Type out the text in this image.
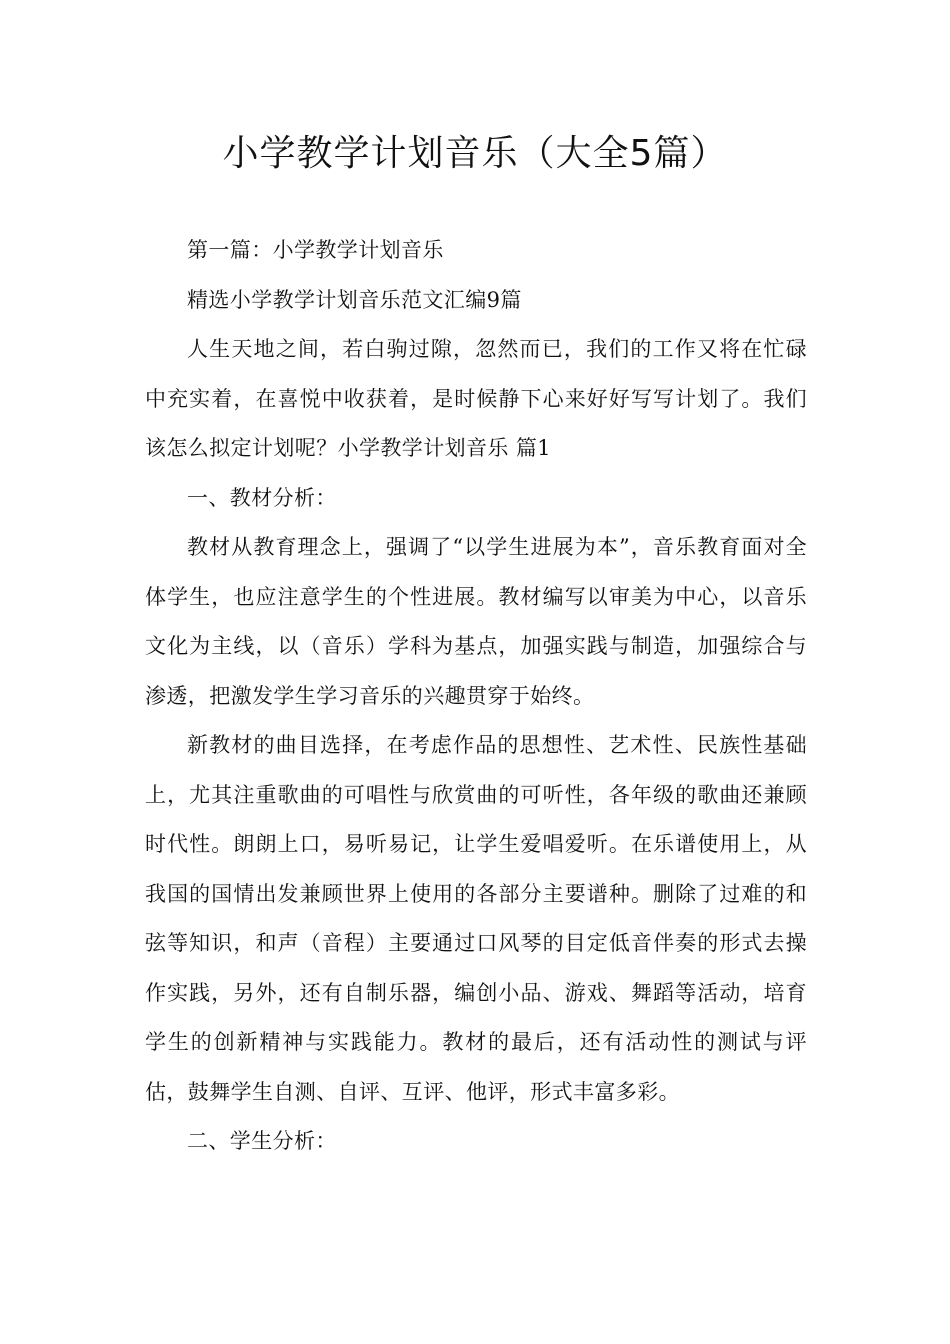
小学教学计划音乐（大全5篇）

第一篇：小学教学计划音乐

精选小学教学计划音乐范文汇编9篇

人生天地之间，若白驹过隙，忽然而已，我们的工作又将在忙碌中充实着，在喜悦中收获着，是时候静下心来好好写写计划了。我们该怎么拟定计划呢？小学教学计划音乐 篇1

一、教材分析：

教材从教育理念上，强调了“以学生进展为本”，音乐教育面对全体学生，也应注意学生的个性进展。教材编写以审美为中心，以音乐文化为主线，以（音乐）学科为基点，加强实践与制造，加强综合与渗透，把激发学生学习音乐的兴趣贯穿于始终。

新教材的曲目选择，在考虑作品的思想性、艺术性、民族性基础上，尤其注重歌曲的可唱性与欣赏曲的可听性，各年级的歌曲还兼顾时代性。朗朗上口，易听易记，让学生爱唱爱听。在乐谱使用上，从我国的国情出发兼顾世界上使用的各部分主要谱种。删除了过难的和弦等知识，和声（音程）主要通过口风琴的目定低音伴奏的形式去操作实践，另外，还有自制乐器，编创小品、游戏、舞蹈等活动，培育学生的创新精神与实践能力。教材的最后，还有活动性的测试与评估，鼓舞学生自测、自评、互评、他评，形式丰富多彩。

二、学生分析：
